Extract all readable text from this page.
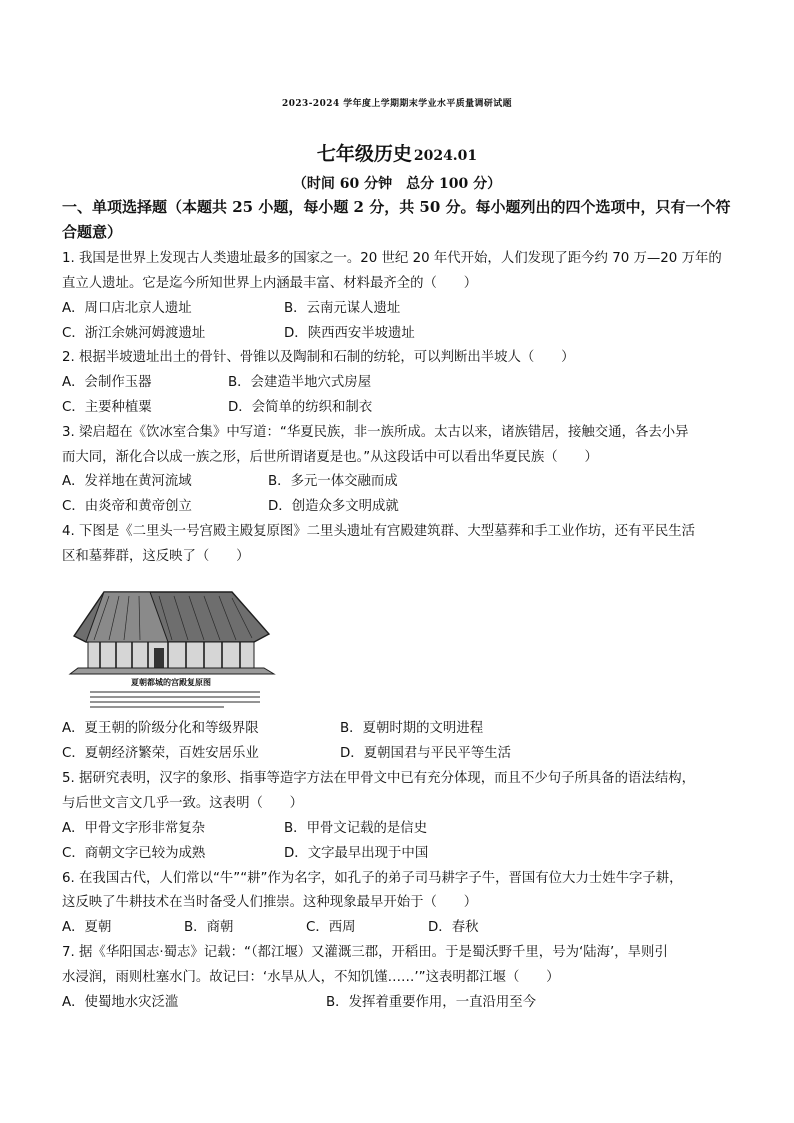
2023-2024 学年度上学期期末学业水平质量调研试题
七年级历史 2024.01
（时间 60 分钟　总分 100 分）
一、单项选择题（本题共 25 小题，每小题 2 分，共 50 分。每小题列出的四个选项中，只有一个符合题意）
1. 我国是世界上发现古人类遗址最多的国家之一。20 世纪 20 年代开始，人们发现了距今约 70 万—20 万年的
直立人遗址。它是迄今所知世界上内涵最丰富、材料最齐全的（　　）
A．周口店北京人遗址	B．云南元谋人遗址
C．浙江余姚河姆渡遗址	D．陕西西安半坡遗址
2. 根据半坡遗址出土的骨针、骨锥以及陶制和石制的纺轮，可以判断出半坡人（　　）
A．会制作玉器	B．会建造半地穴式房屋
C．主要种植粟	D．会简单的纺织和制衣
3. 梁启超在《饮冰室合集》中写道：“华夏民族，非一族所成。太古以来，诸族错居，接触交通，各去小异
而大同，渐化合以成一族之形，后世所谓诸夏是也。”从这段话中可以看出华夏民族（　　）
A．发祥地在黄河流域	B．多元一体交融而成
C．由炎帝和黄帝创立	D．创造众多文明成就
4. 下图是《二里头一号宫殿主殿复原图》二里头遗址有宫殿建筑群、大型墓葬和手工业作坊，还有平民生活
区和墓葬群，这反映了（　　）
夏朝都城的宫殿复原图
A．夏王朝的阶级分化和等级界限	B．夏朝时期的文明进程
C．夏朝经济繁荣，百姓安居乐业	D．夏朝国君与平民平等生活
5. 据研究表明，汉字的象形、指事等造字方法在甲骨文中已有充分体现，而且不少句子所具备的语法结构，
与后世文言文几乎一致。这表明（　　）
A．甲骨文字形非常复杂	B．甲骨文记载的是信史
C．商朝文字已较为成熟	D．文字最早出现于中国
6. 在我国古代，人们常以“牛”“耕”作为名字，如孔子的弟子司马耕字子牛，晋国有位大力士姓牛字子耕，
这反映了牛耕技术在当时备受人们推崇。这种现象最早开始于（　　）
A．夏朝	B．商朝	C．西周	D．春秋
7. 据《华阳国志·蜀志》记载：“（都江堰）又灌溉三郡，开稻田。于是蜀沃野千里，号为‘陆海’，旱则引
水浸润，雨则杜塞水门。故记曰：‘水旱从人，不知饥馑……’”这表明都江堰（　　）
A．使蜀地水灾泛滥	B．发挥着重要作用，一直沿用至今
